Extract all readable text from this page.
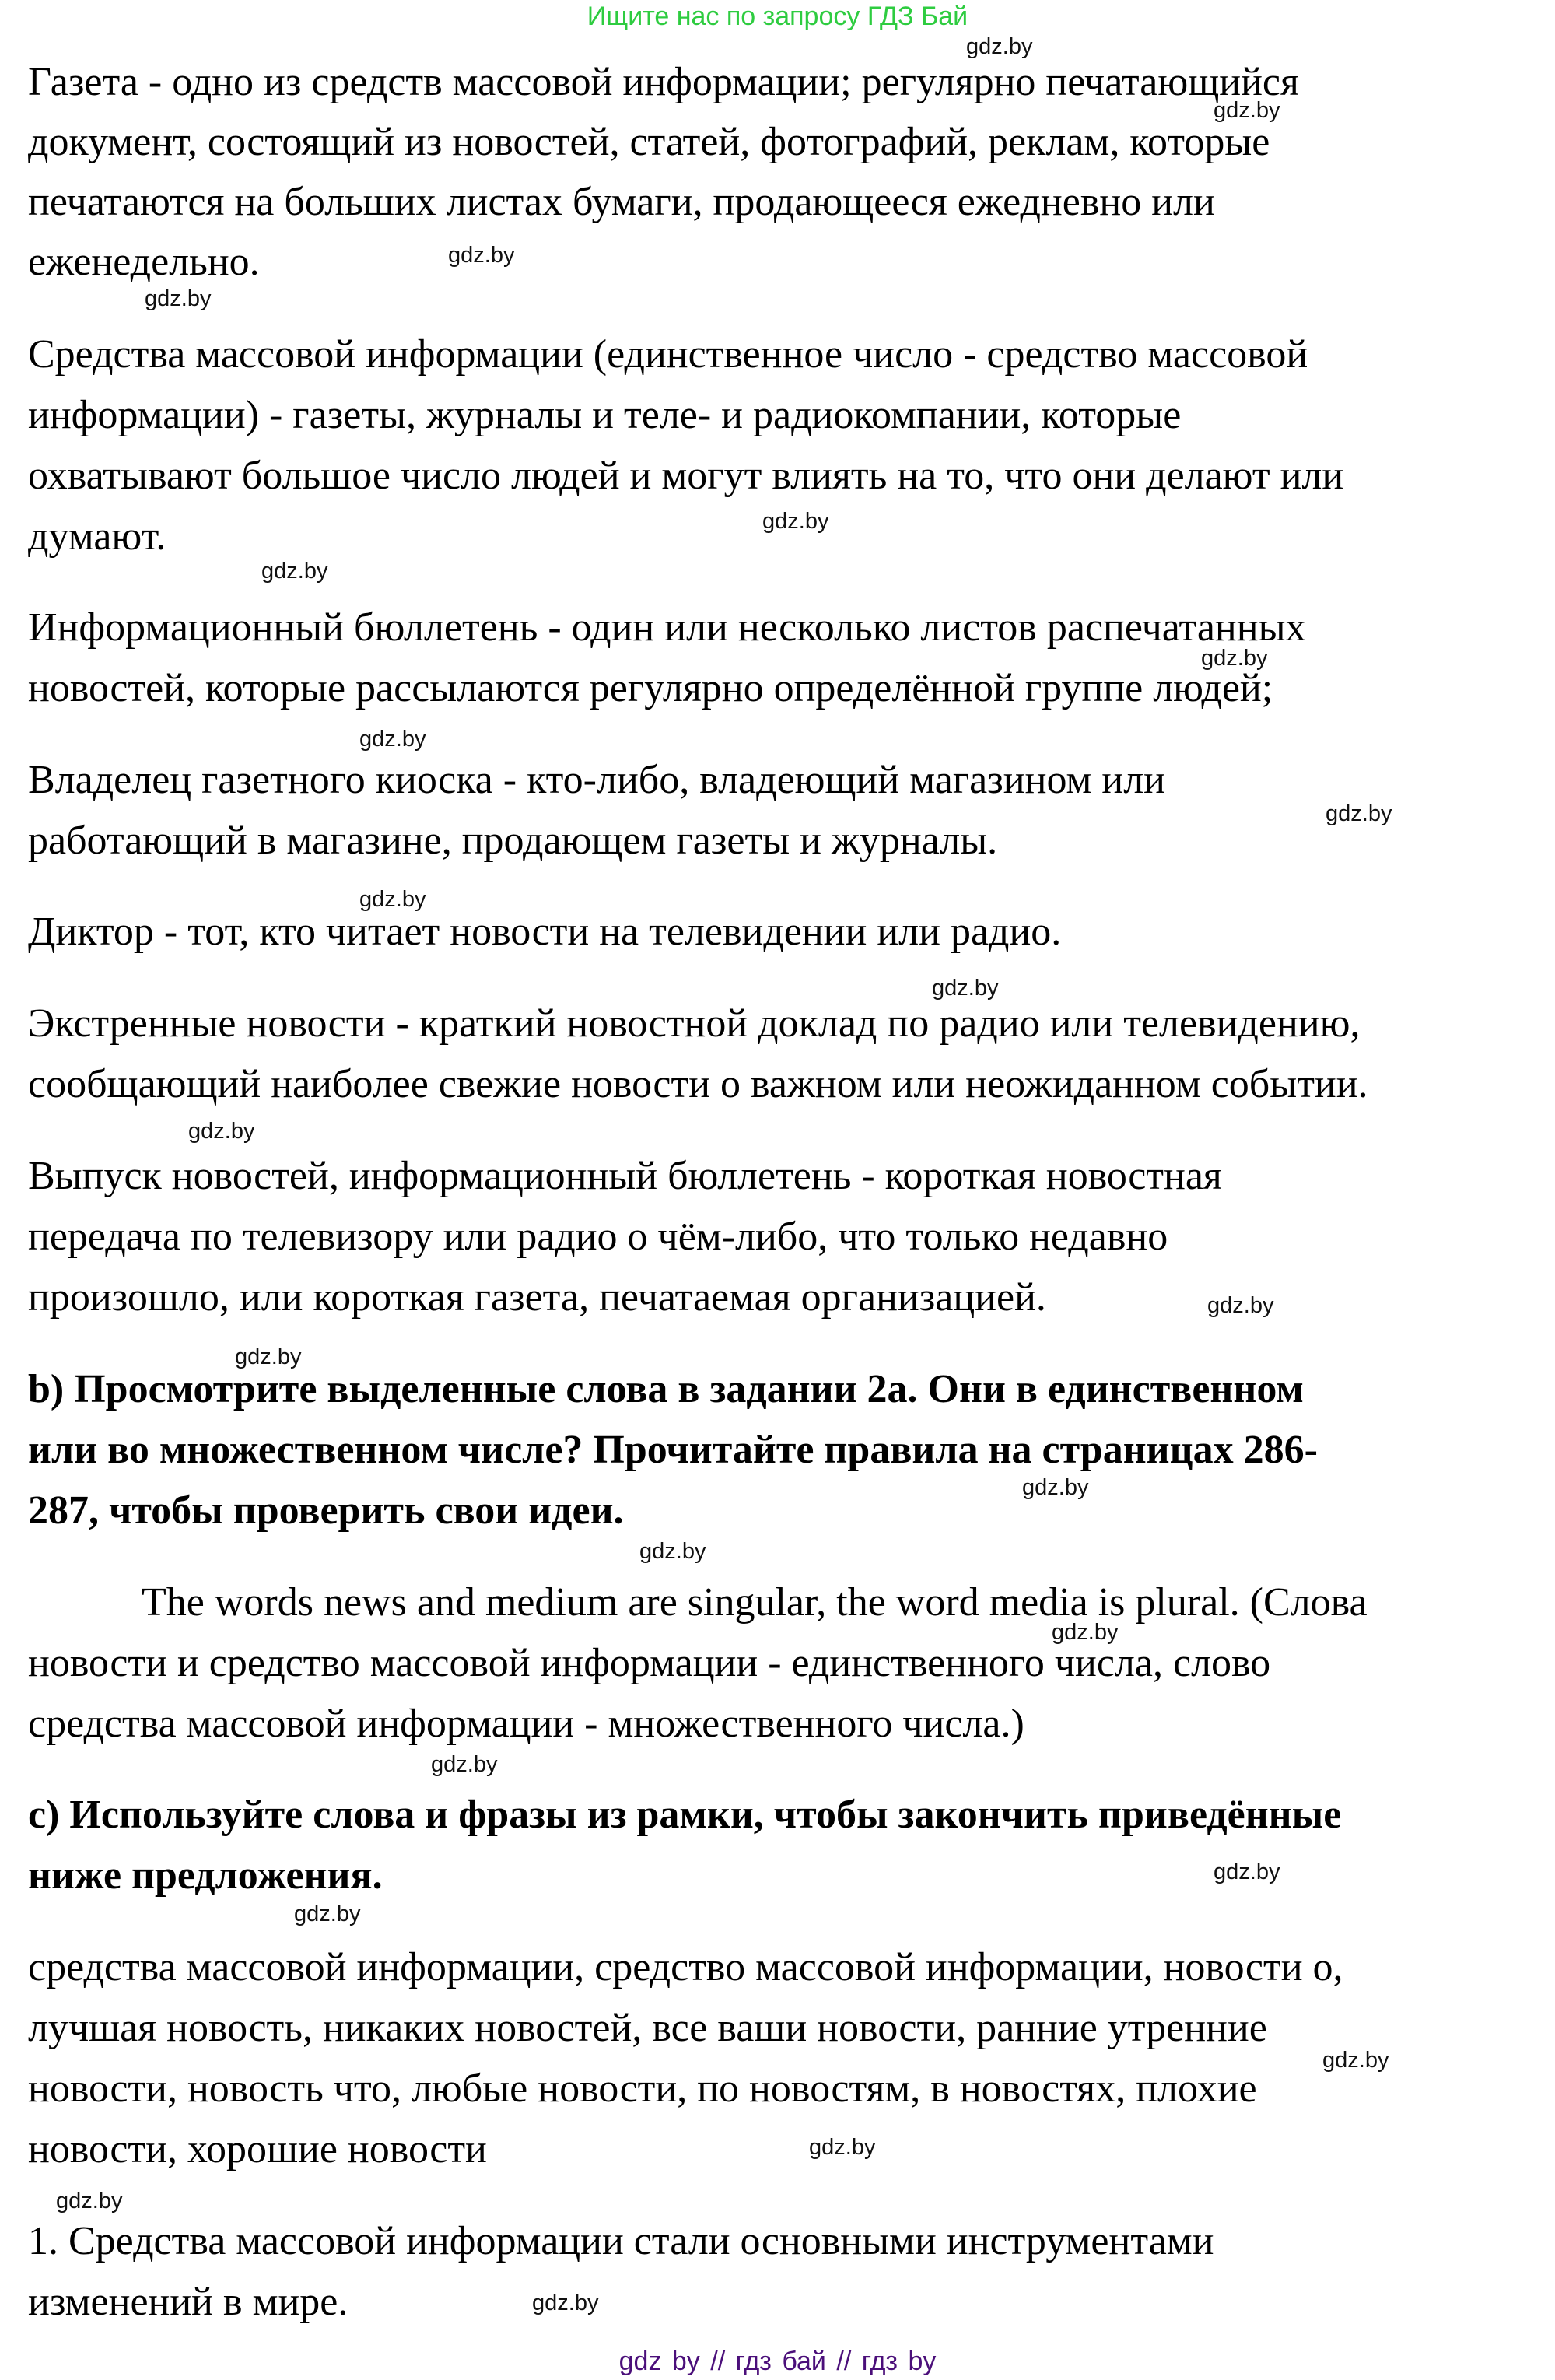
Ищите нас по запросу ГДЗ Бай
Газета - одно из средств массовой информации; регулярно печатающийся
документ, состоящий из новостей, статей, фотографий, реклам, которые
печатаются на больших листах бумаги, продающееся ежедневно или
еженедельно.
Средства массовой информации (единственное число - средство массовой
информации) - газеты, журналы и теле- и радиокомпании, которые
охватывают большое число людей и могут влиять на то, что они делают или
думают.
Информационный бюллетень - один или несколько листов распечатанных
новостей, которые рассылаются регулярно определённой группе людей;
Владелец газетного киоска - кто-либо, владеющий магазином или
работающий в магазине, продающем газеты и журналы.
Диктор - тот, кто читает новости на телевидении или радио.
Экстренные новости - краткий новостной доклад по радио или телевидению,
сообщающий наиболее свежие новости о важном или неожиданном событии.
Выпуск новостей, информационный бюллетень - короткая новостная
передача по телевизору или радио о чём-либо, что только недавно
произошло, или короткая газета, печатаемая организацией.
b) Просмотрите выделенные слова в задании 2а. Они в единственном
или во множественном числе? Прочитайте правила на страницах 286-
287, чтобы проверить свои идеи.
The words news and medium are singular, the word media is plural. (Слова
новости и средство массовой информации - единственного числа, слово
средства массовой информации - множественного числа.)
c) Используйте слова и фразы из рамки, чтобы закончить приведённые
ниже предложения.
средства массовой информации, средство массовой информации, новости о,
лучшая новость, никаких новостей, все ваши новости, ранние утренние
новости, новость что, любые новости, по новостям, в новостях, плохие
новости, хорошие новости
1. Средства массовой информации стали основными инструментами
изменений в мире.
gdz.by
gdz.by
gdz.by
gdz.by
gdz.by
gdz.by
gdz.by
gdz.by
gdz.by
gdz.by
gdz.by
gdz.by
gdz.by
gdz.by
gdz.by
gdz.by
gdz.by
gdz.by
gdz.by
gdz.by
gdz.by
gdz.by
gdz.by
gdz.by
gdz by // гдз бай // гдз by
